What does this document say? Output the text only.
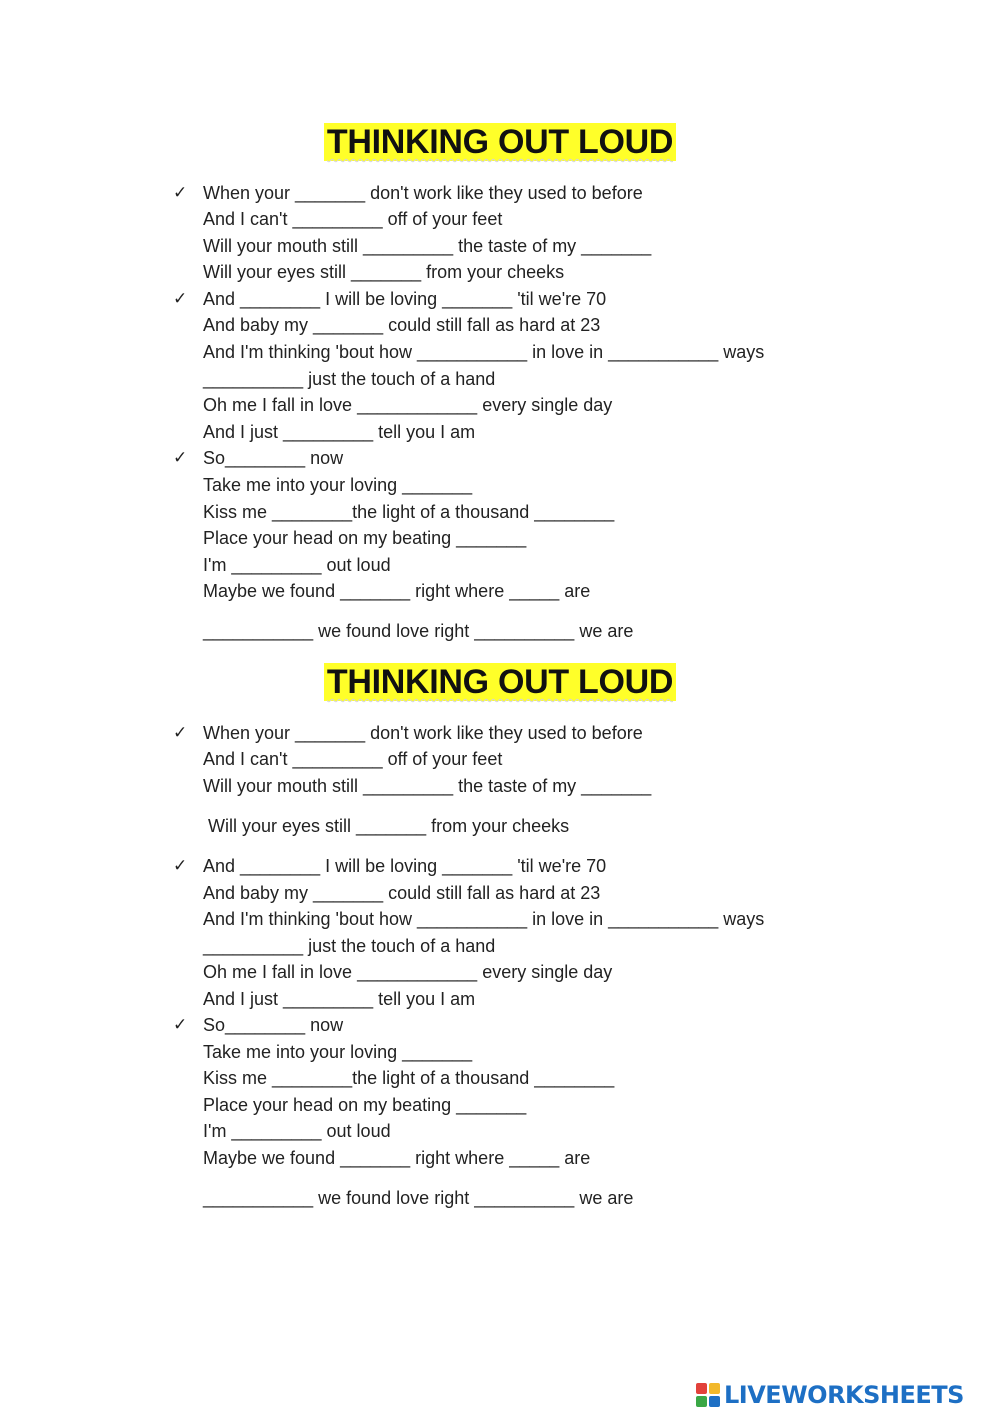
THINKING OUT LOUD
✓ When your _______ don't work like they used to before
And I can't _________ off of your feet
Will your mouth still _________ the taste of my _______
Will your eyes still _______ from your cheeks
✓ And ________ I will be loving _______ 'til we're 70
And baby my _______ could still fall as hard at 23
And I'm thinking 'bout how ___________ in love in ___________ ways
__________ just the touch of a hand
Oh me I fall in love ____________ every single day
And I just _________ tell you I am
✓ So________ now
Take me into your loving _______
Kiss me ________the light of a thousand ________
Place your head on my beating _______
I'm _________ out loud
Maybe we found _______ right where _____ are
___________ we found love right __________ we are
THINKING OUT LOUD
✓ When your _______ don't work like they used to before
And I can't _________ off of your feet
Will your mouth still _________ the taste of my _______
Will your eyes still _______ from your cheeks
✓ And ________ I will be loving _______ 'til we're 70
And baby my _______ could still fall as hard at 23
And I'm thinking 'bout how ___________ in love in ___________ ways
__________ just the touch of a hand
Oh me I fall in love ____________ every single day
And I just _________ tell you I am
✓ So________ now
Take me into your loving _______
Kiss me ________the light of a thousand ________
Place your head on my beating _______
I'm _________ out loud
Maybe we found _______ right where _____ are
___________ we found love right __________ we are
LIVEWORKSHEETS
